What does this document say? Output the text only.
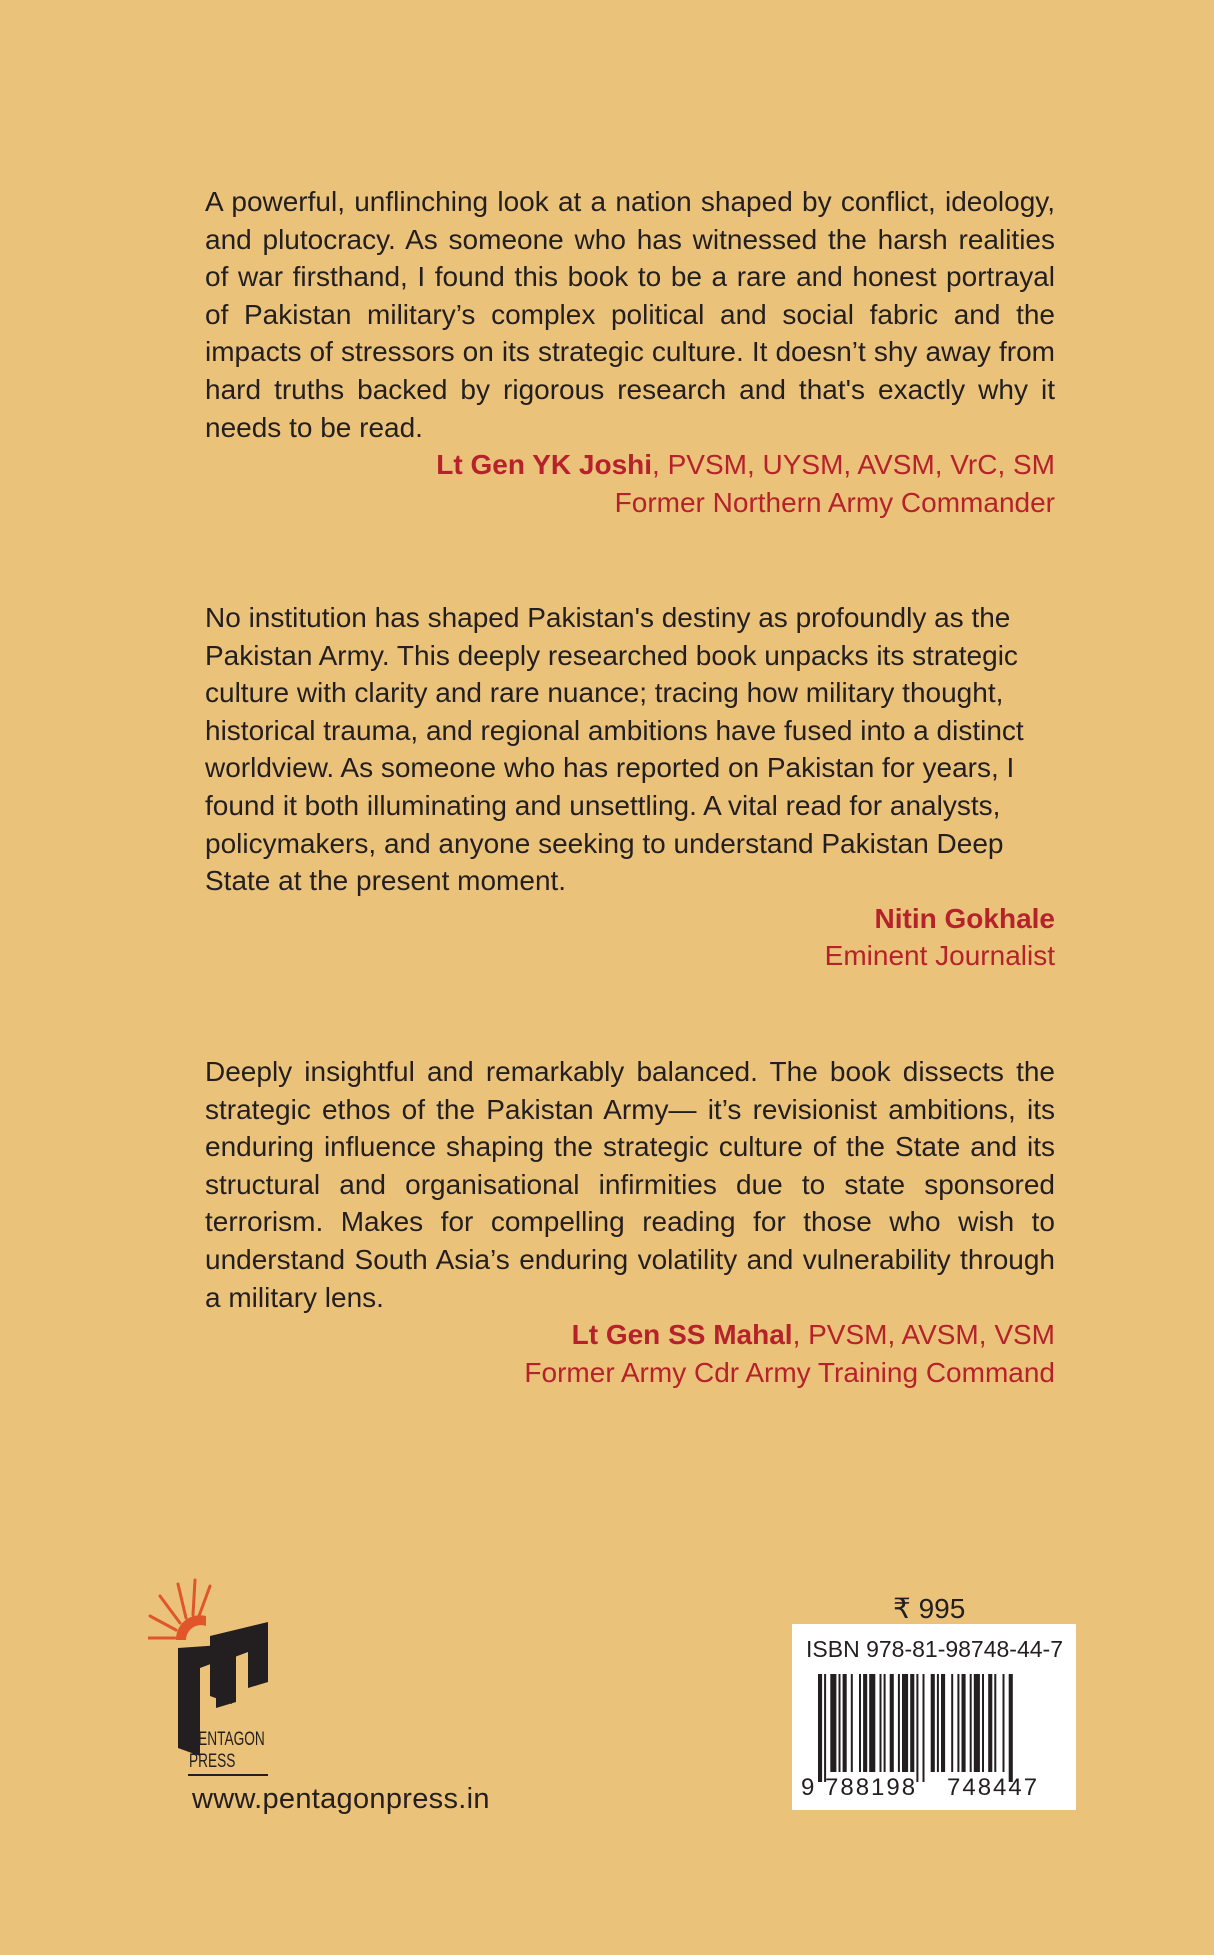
A powerful, unflinching look at a nation shaped by conflict, ideology, and plutocracy. As someone who has witnessed the harsh realities of war firsthand, I found this book to be a rare and honest portrayal of Pakistan military’s complex political and social fabric and the impacts of stressors on its strategic culture. It doesn’t shy away from hard truths backed by rigorous research and that's exactly why it needs to be read.

Lt Gen YK Joshi, PVSM, UYSM, AVSM, VrC, SM
Former Northern Army Commander

No institution has shaped Pakistan's destiny as profoundly as the Pakistan Army. This deeply researched book unpacks its strategic culture with clarity and rare nuance; tracing how military thought, historical trauma, and regional ambitions have fused into a distinct worldview. As someone who has reported on Pakistan for years, I found it both illuminating and unsettling. A vital read for analysts, policymakers, and anyone seeking to understand Pakistan Deep State at the present moment.

Nitin Gokhale
Eminent Journalist

Deeply insightful and remarkably balanced. The book dissects the strategic ethos of the Pakistan Army— it’s revisionist ambitions, its enduring influence shaping the strategic culture of the State and its structural and organisational infirmities due to state sponsored terrorism. Makes for compelling reading for those who wish to understand South Asia’s enduring volatility and vulnerability through a military lens.

Lt Gen SS Mahal, PVSM, AVSM, VSM
Former Army Cdr Army Training Command
PENTAGON
PRESS
www.pentagonpress.in
₹ 995
ISBN 978-81-98748-44-7
9 788198 748447
